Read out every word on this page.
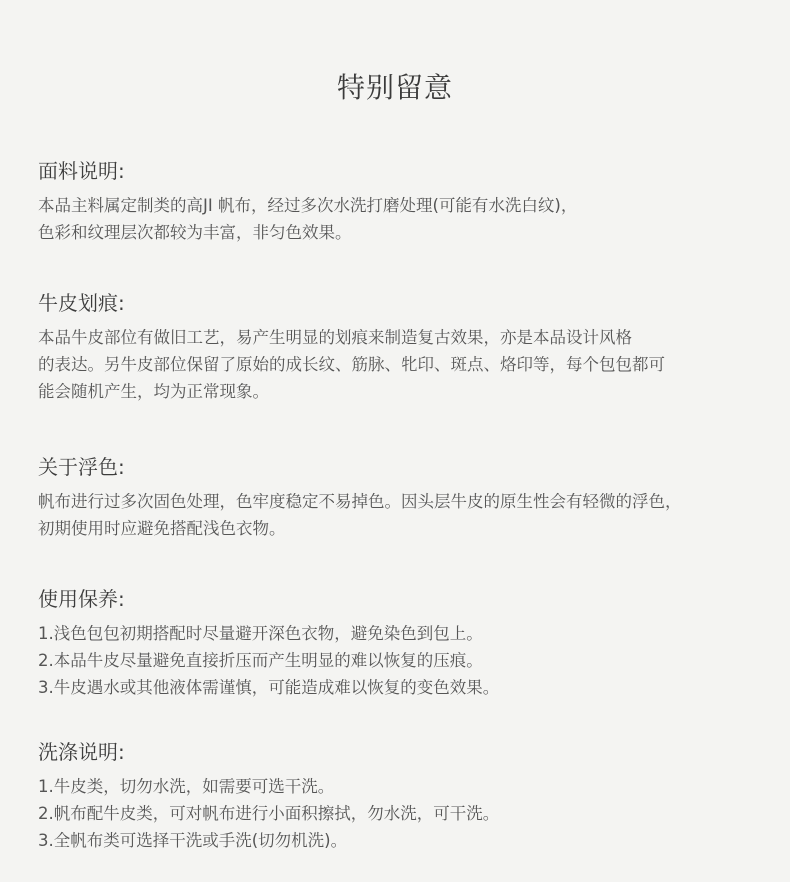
特别留意
面料说明:
本品主料属定制类的高JI 帆布，经过多次水洗打磨处理(可能有水洗白纹)，
色彩和纹理层次都较为丰富，非匀色效果。
牛皮划痕:
本品牛皮部位有做旧工艺，易产生明显的划痕来制造复古效果，亦是本品设计风格
的表达。另牛皮部位保留了原始的成长纹、筋脉、牝印、斑点、烙印等，每个包包都可
能会随机产生，均为正常现象。
关于浮色:
帆布进行过多次固色处理，色牢度稳定不易掉色。因头层牛皮的原生性会有轻微的浮色，
初期使用时应避免搭配浅色衣物。
使用保养:
1.浅色包包初期搭配时尽量避开深色衣物，避免染色到包上。
2.本品牛皮尽量避免直接折压而产生明显的难以恢复的压痕。
3.牛皮遇水或其他液体需谨慎，可能造成难以恢复的变色效果。
洗涤说明:
1.牛皮类，切勿水洗，如需要可选干洗。
2.帆布配牛皮类，可对帆布进行小面积擦拭，勿水洗，可干洗。
3.全帆布类可选择干洗或手洗(切勿机洗)。
